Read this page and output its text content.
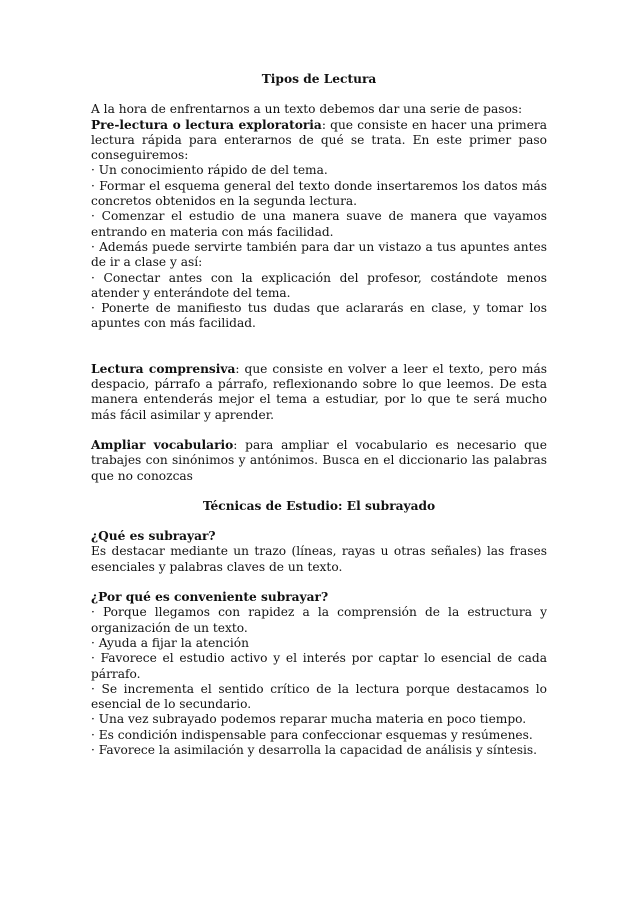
Tipos de Lectura

A la hora de enfrentarnos a un texto debemos dar una serie de pasos:

Pre-lectura o lectura exploratoria: que consiste en hacer una primera lectura rápida para enterarnos de qué se trata. En este primer paso conseguiremos:

· Un conocimiento rápido de del tema.

· Formar el esquema general del texto donde insertaremos los datos más concretos obtenidos en la segunda lectura.

· Comenzar el estudio de una manera suave de manera que vayamos entrando en materia con más facilidad.

· Además puede servirte también para dar un vistazo a tus apuntes antes de ir a clase y así:

· Conectar antes con la explicación del profesor, costándote menos atender y enterándote del tema.

· Ponerte de manifiesto tus dudas que aclararás en clase, y tomar los apuntes con más facilidad.

Lectura comprensiva: que consiste en volver a leer el texto, pero más despacio, párrafo a párrafo, reflexionando sobre lo que leemos. De esta manera entenderás mejor el tema a estudiar, por lo que te será mucho más fácil asimilar y aprender.

Ampliar vocabulario: para ampliar el vocabulario es necesario que trabajes con sinónimos y antónimos. Busca en el diccionario las palabras que no conozcas

Técnicas de Estudio: El subrayado

¿Qué es subrayar?

Es destacar mediante un trazo (líneas, rayas u otras señales) las frases esenciales y palabras claves de un texto.

¿Por qué es conveniente subrayar?

· Porque llegamos con rapidez a la comprensión de la estructura y organización de un texto.

· Ayuda a fijar la atención

· Favorece el estudio activo y el interés por captar lo esencial de cada párrafo.

· Se incrementa el sentido crítico de la lectura porque destacamos lo esencial de lo secundario.

· Una vez subrayado podemos reparar mucha materia en poco tiempo.

· Es condición indispensable para confeccionar esquemas y resúmenes.

· Favorece la asimilación y desarrolla la capacidad de análisis y síntesis.
